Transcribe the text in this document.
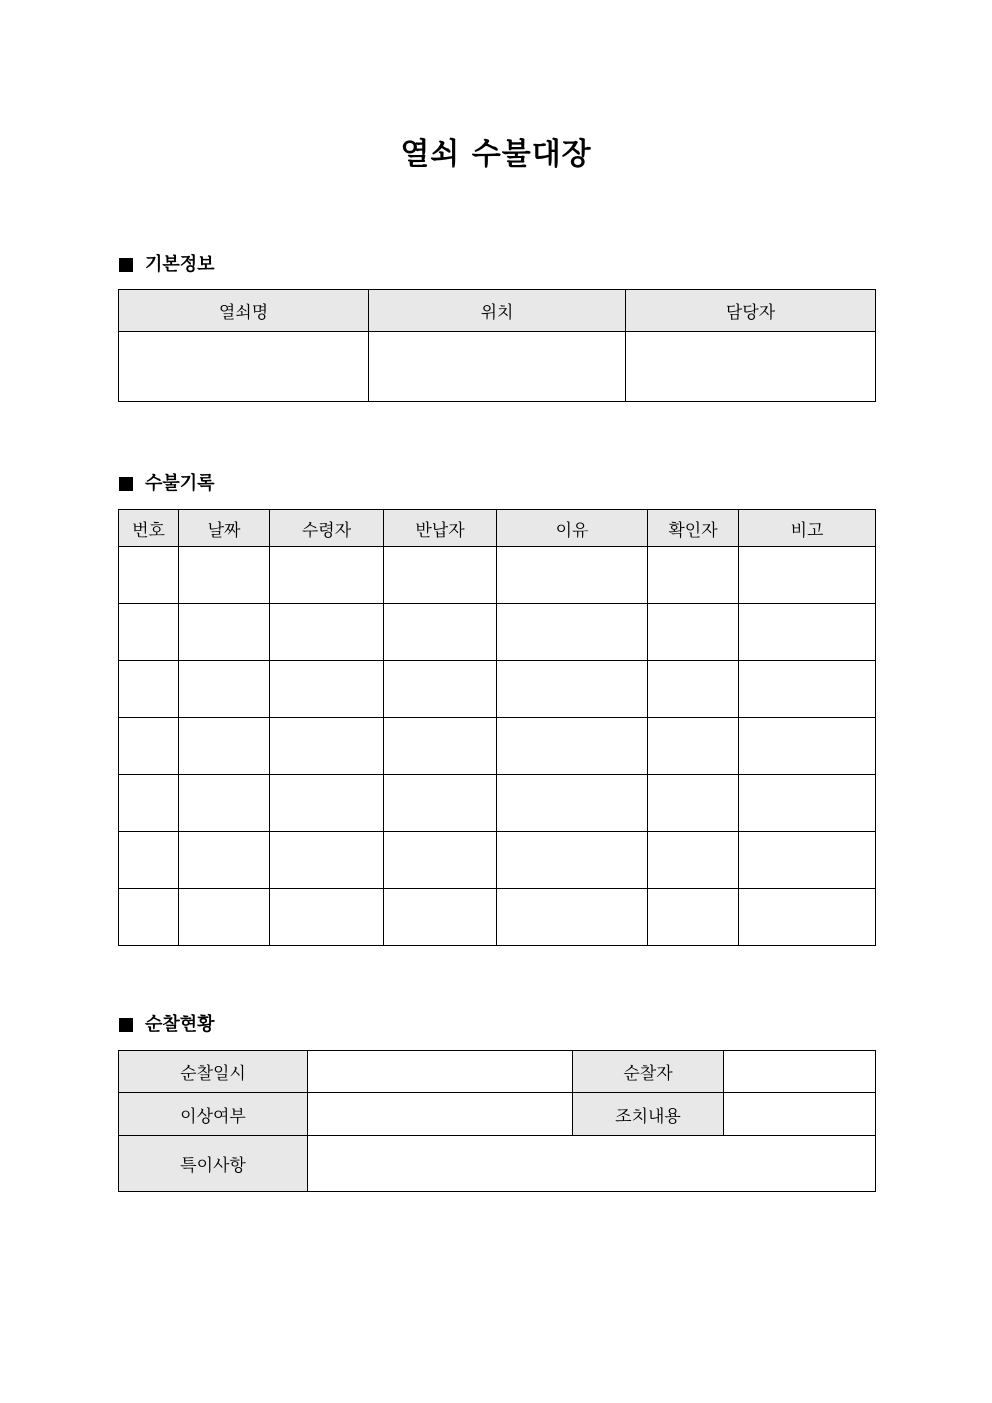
열쇠 수불대장
기본정보
열쇠명	위치	담당자

수불기록
번호	날짜	수령자	반납자	이유	확인자	비고

순찰현황
순찰일시		순찰자	
이상여부		조치내용	
특이사항			
